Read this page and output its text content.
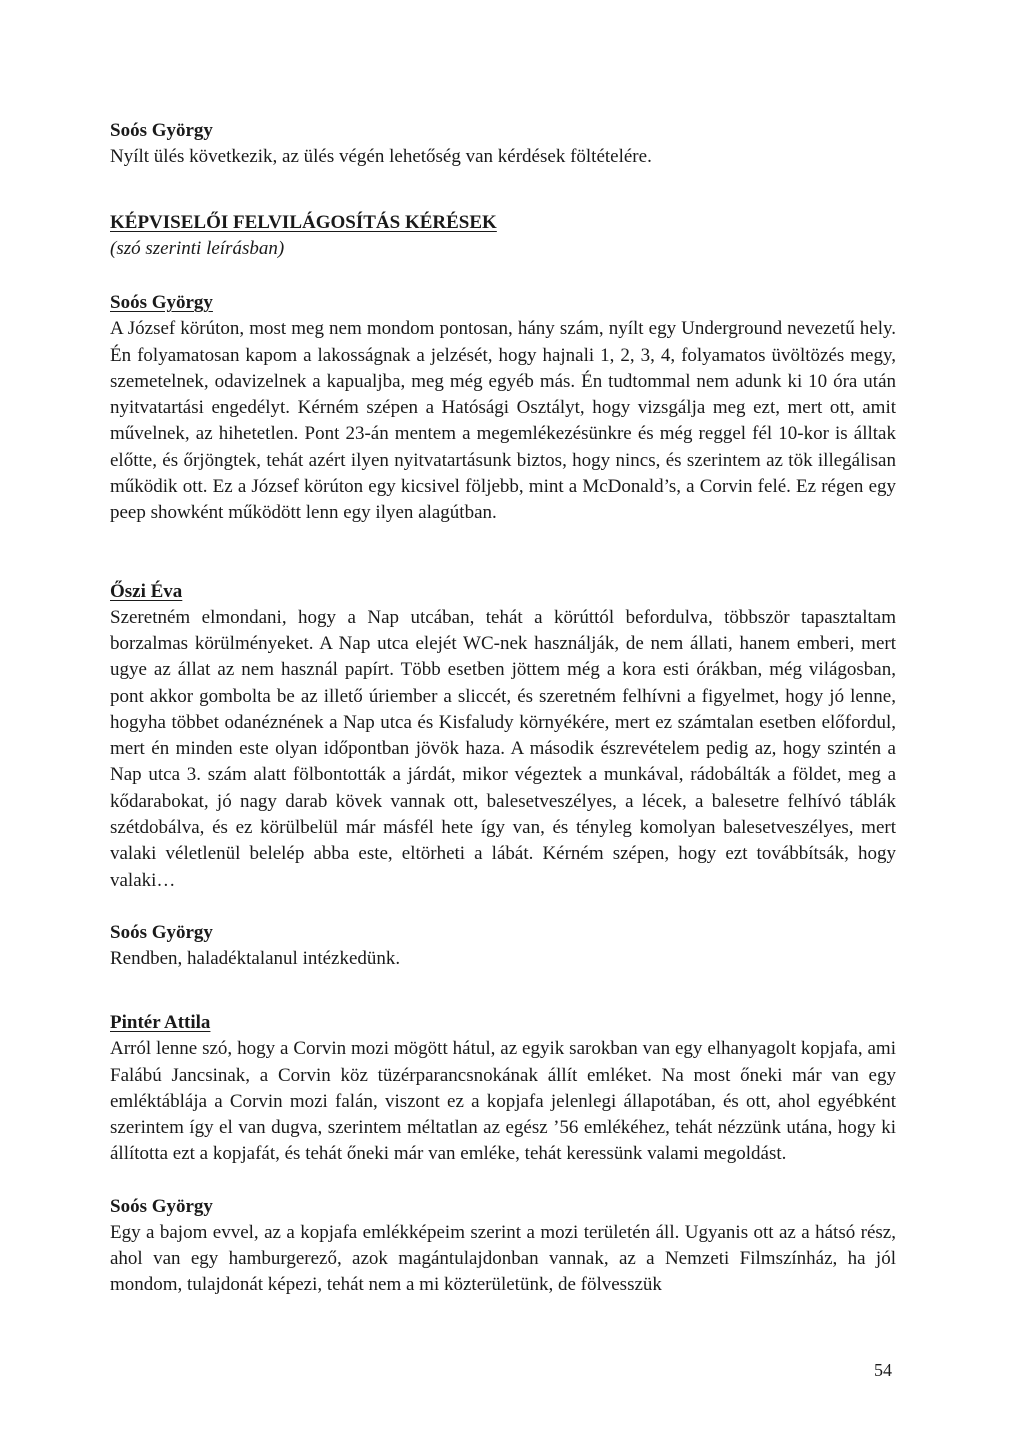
Soós György

Nyílt ülés következik, az ülés végén lehetőség van kérdések föltételére.

KÉPVISELŐI FELVILÁGOSÍTÁS KÉRÉSEK
(szó szerinti leírásban)
Soós György

A József körúton, most meg nem mondom pontosan, hány szám, nyílt egy Underground nevezetű hely. Én folyamatosan kapom a lakosságnak a jelzését, hogy hajnali 1, 2, 3, 4, folyamatos üvöltözés megy, szemetelnek, odavizelnek a kapualjba, meg még egyéb más. Én tudtommal nem adunk ki 10 óra után nyitvatartási engedélyt. Kérném szépen a Hatósági Osztályt, hogy vizsgálja meg ezt, mert ott, amit művelnek, az hihetetlen. Pont 23-án mentem a megemlékezésünkre és még reggel fél 10-kor is álltak előtte, és őrjöngtek, tehát azért ilyen nyitvatartásunk biztos, hogy nincs, és szerintem az tök illegálisan működik ott. Ez a József körúton egy kicsivel följebb, mint a McDonald’s, a Corvin felé. Ez régen egy peep showként működött lenn egy ilyen alagútban.

Őszi Éva

Szeretném elmondani, hogy a Nap utcában, tehát a körúttól befordulva, többször tapasztaltam borzalmas körülményeket. A Nap utca elejét WC-nek használják, de nem állati, hanem emberi, mert ugye az állat az nem használ papírt. Több esetben jöttem még a kora esti órákban, még világosban, pont akkor gombolta be az illető úriember a sliccét, és szeretném felhívni a figyelmet, hogy jó lenne, hogyha többet odanéznének a Nap utca és Kisfaludy környékére, mert ez számtalan esetben előfordul, mert én minden este olyan időpontban jövök haza. A második észrevételem pedig az, hogy szintén a Nap utca 3. szám alatt fölbontották a járdát, mikor végeztek a munkával, rádobálták a földet, meg a kődarabokat, jó nagy darab kövek vannak ott, balesetveszélyes, a lécek, a balesetre felhívó táblák szétdobálva, és ez körülbelül már másfél hete így van, és tényleg komolyan balesetveszélyes, mert valaki véletlenül belelép abba este, eltörheti a lábát. Kérném szépen, hogy ezt továbbítsák, hogy valaki…

Soós György

Rendben, haladéktalanul intézkedünk.

Pintér Attila

Arról lenne szó, hogy a Corvin mozi mögött hátul, az egyik sarokban van egy elhanyagolt kopjafa, ami Falábú Jancsinak, a Corvin köz tüzérparancsnokának állít emléket. Na most őneki már van egy emléktáblája a Corvin mozi falán, viszont ez a kopjafa jelenlegi állapotában, és ott, ahol egyébként szerintem így el van dugva, szerintem méltatlan az egész ’56 emlékéhez, tehát nézzünk utána, hogy ki állította ezt a kopjafát, és tehát őneki már van emléke, tehát keressünk valami megoldást.

Soós György

Egy a bajom evvel, az a kopjafa emlékképeim szerint a mozi területén áll. Ugyanis ott az a hátsó rész, ahol van egy hamburgerező, azok magántulajdonban vannak, az a Nemzeti Filmszínház, ha jól mondom, tulajdonát képezi, tehát nem a mi közterületünk, de fölvesszük

54
